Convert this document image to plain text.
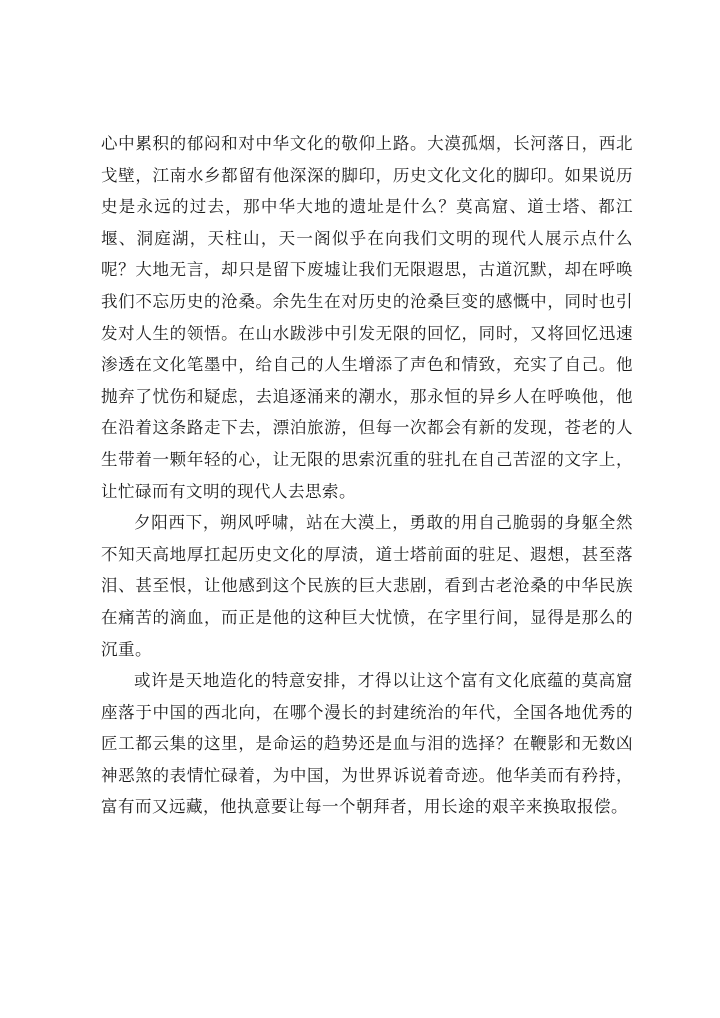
心中累积的郁闷和对中华文化的敬仰上路。大漠孤烟，长河落日，西北戈壁，江南水乡都留有他深深的脚印，历史文化文化的脚印。如果说历史是永远的过去，那中华大地的遗址是什么？莫高窟、道士塔、都江堰、洞庭湖，天柱山，天一阁似乎在向我们文明的现代人展示点什么呢？大地无言，却只是留下废墟让我们无限遐思，古道沉默，却在呼唤我们不忘历史的沧桑。余先生在对历史的沧桑巨变的感慨中，同时也引发对人生的领悟。在山水跋涉中引发无限的回忆，同时，又将回忆迅速渗透在文化笔墨中，给自己的人生增添了声色和情致，充实了自己。他抛弃了忧伤和疑虑，去追逐涌来的潮水，那永恒的异乡人在呼唤他，他在沿着这条路走下去，漂泊旅游，但每一次都会有新的发现，苍老的人生带着一颗年轻的心，让无限的思索沉重的驻扎在自己苦涩的文字上，让忙碌而有文明的现代人去思索。

夕阳西下，朔风呼啸，站在大漠上，勇敢的用自己脆弱的身躯全然不知天高地厚扛起历史文化的厚渍，道士塔前面的驻足、遐想，甚至落泪、甚至恨，让他感到这个民族的巨大悲剧，看到古老沧桑的中华民族在痛苦的滴血，而正是他的这种巨大忧愤，在字里行间，显得是那么的沉重。

或许是天地造化的特意安排，才得以让这个富有文化底蕴的莫高窟座落于中国的西北向，在哪个漫长的封建统治的年代，全国各地优秀的匠工都云集的这里，是命运的趋势还是血与泪的选择？在鞭影和无数凶神恶煞的表情忙碌着，为中国，为世界诉说着奇迹。他华美而有矜持，富有而又远藏，他执意要让每一个朝拜者，用长途的艰辛来换取报偿。
